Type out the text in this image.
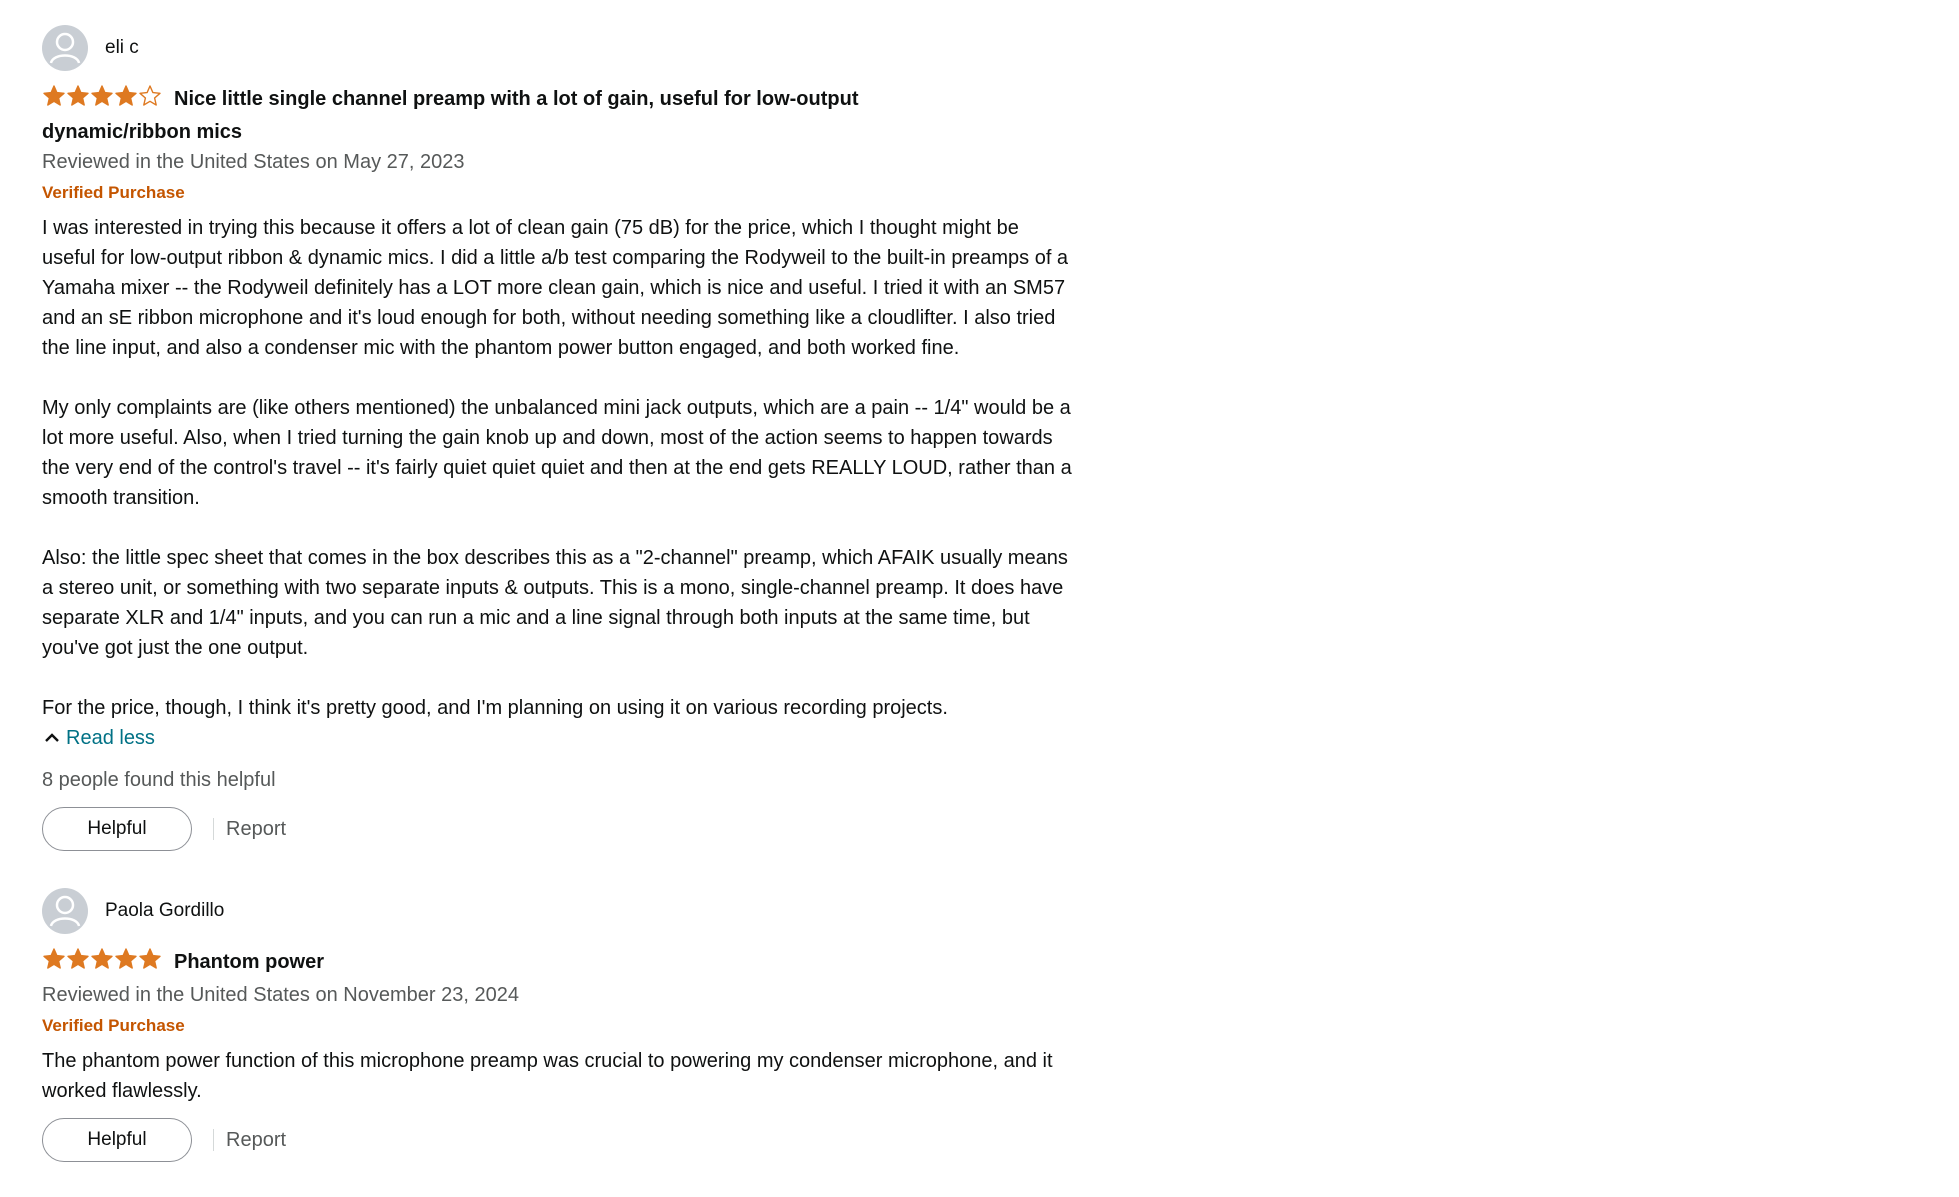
eli c
Nice little single channel preamp with a lot of gain, useful for low-output dynamic/ribbon mics
Reviewed in the United States on May 27, 2023
Verified Purchase

I was interested in trying this because it offers a lot of clean gain (75 dB) for the price, which I thought might be useful for low-output ribbon & dynamic mics. I did a little a/b test comparing the Rodyweil to the built-in preamps of a Yamaha mixer -- the Rodyweil definitely has a LOT more clean gain, which is nice and useful. I tried it with an SM57 and an sE ribbon microphone and it's loud enough for both, without needing something like a cloudlifter. I also tried the line input, and also a condenser mic with the phantom power button engaged, and both worked fine.

My only complaints are (like others mentioned) the unbalanced mini jack outputs, which are a pain -- 1/4" would be a lot more useful. Also, when I tried turning the gain knob up and down, most of the action seems to happen towards the very end of the control's travel -- it's fairly quiet quiet quiet and then at the end gets REALLY LOUD, rather than a smooth transition.

Also: the little spec sheet that comes in the box describes this as a "2-channel" preamp, which AFAIK usually means a stereo unit, or something with two separate inputs & outputs. This is a mono, single-channel preamp. It does have separate XLR and 1/4" inputs, and you can run a mic and a line signal through both inputs at the same time, but you've got just the one output.

For the price, though, I think it's pretty good, and I'm planning on using it on various recording projects.

Read less
8 people found this helpful
Helpful	Report
Paola Gordillo
Phantom power
Reviewed in the United States on November 23, 2024
Verified Purchase

The phantom power function of this microphone preamp was crucial to powering my condenser microphone, and it worked flawlessly.

Helpful	Report
